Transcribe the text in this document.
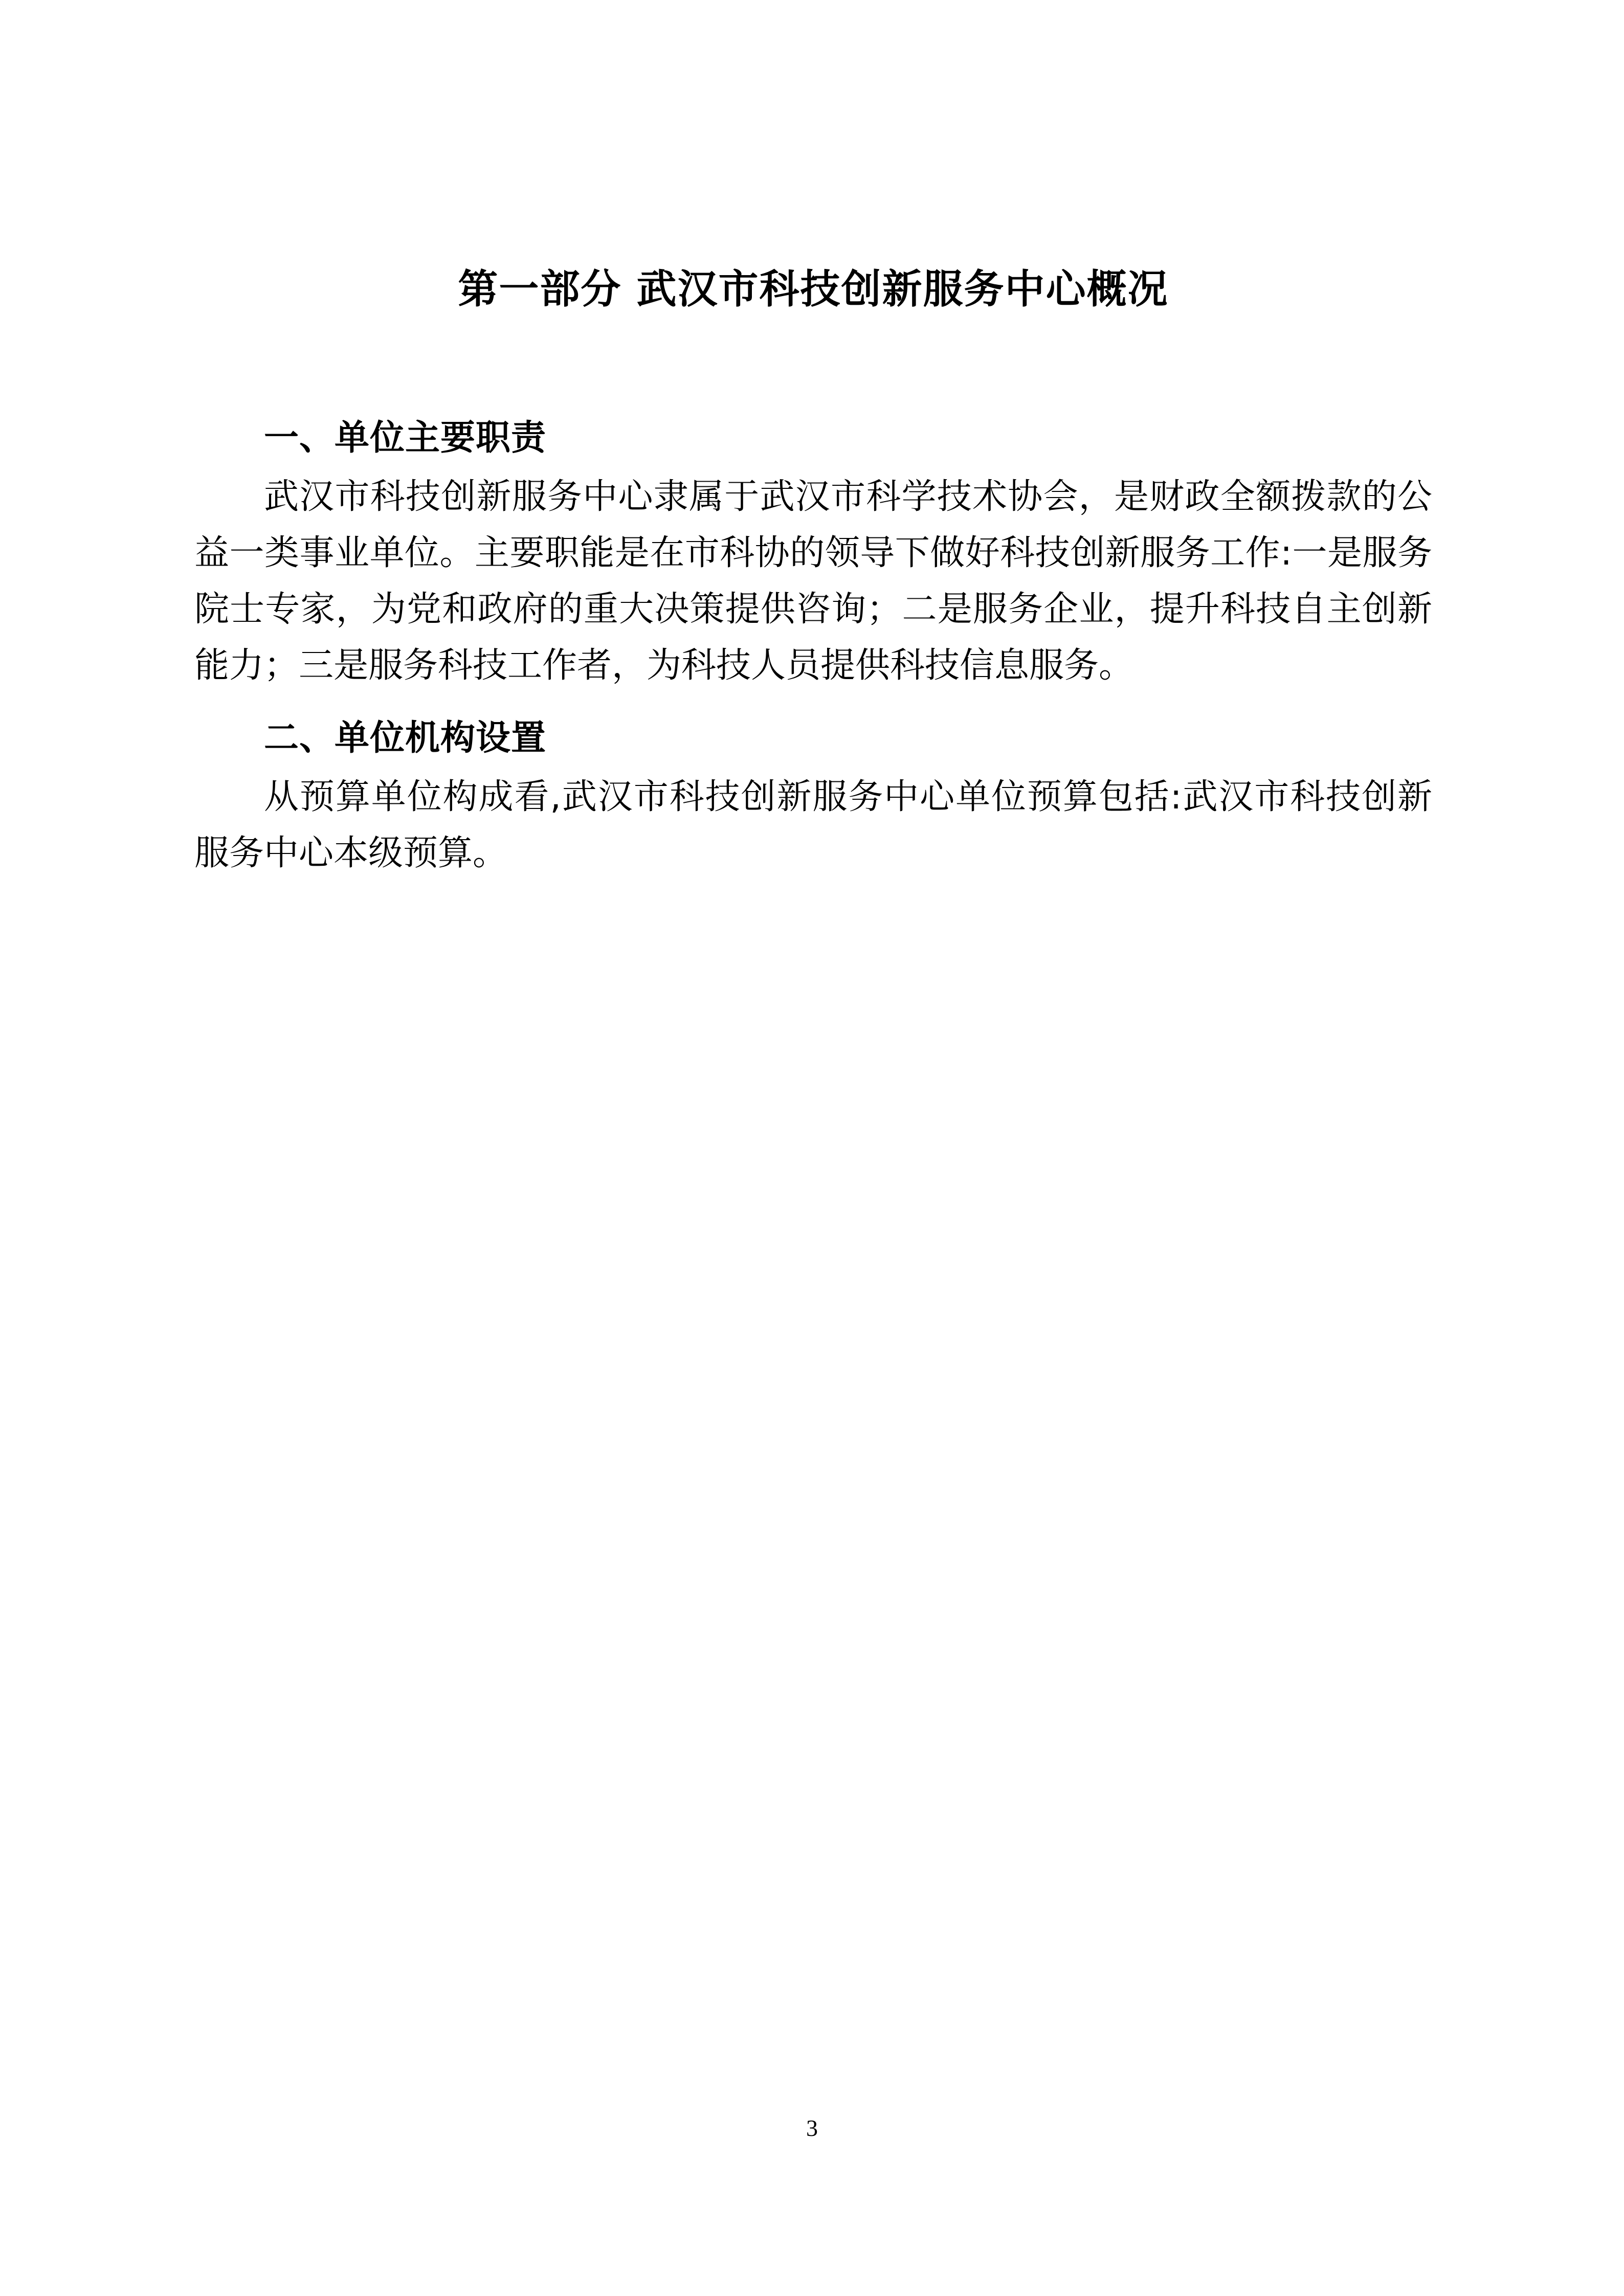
第一部分 武汉市科技创新服务中心概况
一、单位主要职责

武汉市科技创新服务中心隶属于武汉市科学技术协会，是财政全额拨款的公益一类事业单位。主要职能是在市科协的领导下做好科技创新服务工作:一是服务院士专家，为党和政府的重大决策提供咨询；二是服务企业，提升科技自主创新能力；三是服务科技工作者，为科技人员提供科技信息服务。

二、单位机构设置

从预算单位构成看,武汉市科技创新服务中心单位预算包括:武汉市科技创新服务中心本级预算。

3
